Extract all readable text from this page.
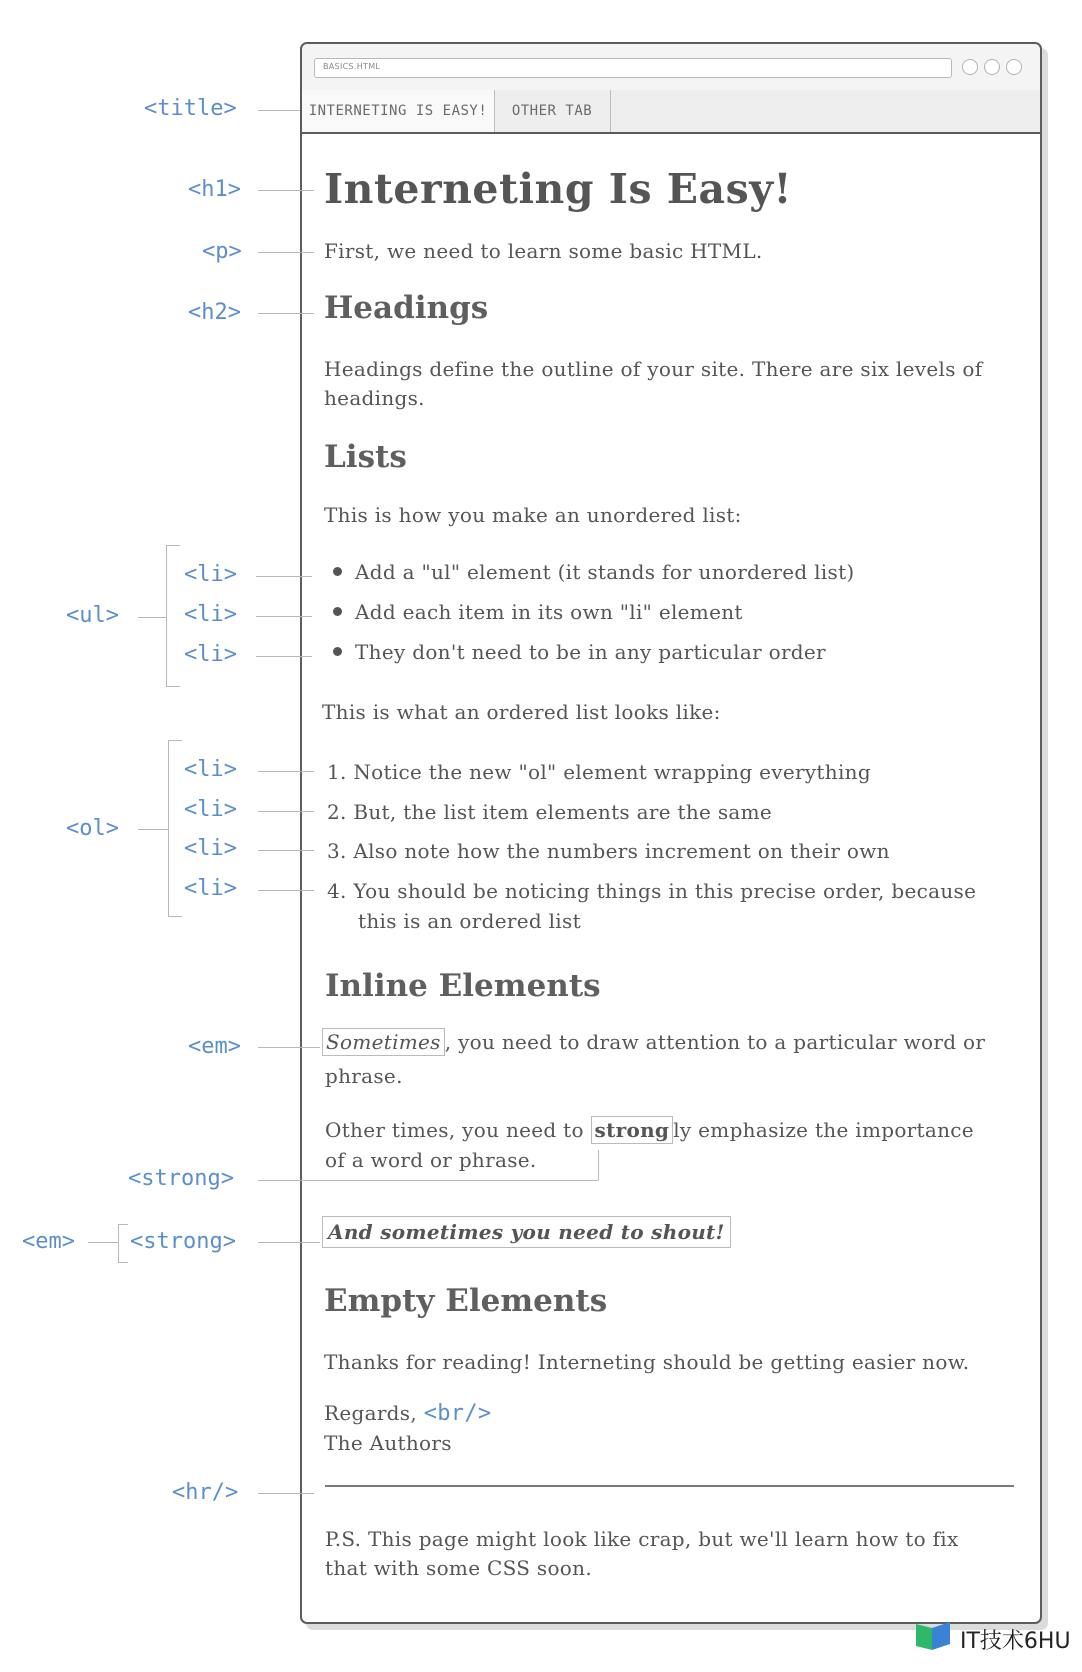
BASICS.HTML
INTERNETING IS EASY!	OTHER TAB
Interneting Is Easy!
First, we need to learn some basic HTML.
Headings
Headings define the outline of your site. There are six levels of
headings.
Lists
This is how you make an unordered list:
Add a "ul" element (it stands for unordered list)
Add each item in its own "li" element
They don't need to be in any particular order
This is what an ordered list looks like:
1. Notice the new "ol" element wrapping everything
2. But, the list item elements are the same
3. Also note how the numbers increment on their own
4. You should be noticing things in this precise order, because
this is an ordered list
Inline Elements
Sometimes , you need to draw attention to a particular word or
phrase.
Other times, you need to strong ly emphasize the importance
of a word or phrase.
And sometimes you need to shout!
Empty Elements
Thanks for reading! Interneting should be getting easier now.
Regards, <br/>
The Authors
P.S. This page might look like crap, but we'll learn how to fix
that with some CSS soon.
<title>
<h1>
<p>
<h2>
<ul>
<li>
<li>
<li>
<ol>
<li>
<li>
<li>
<li>
<em>
<strong>
<em>	<strong>
<hr/>
IT技术6HU
